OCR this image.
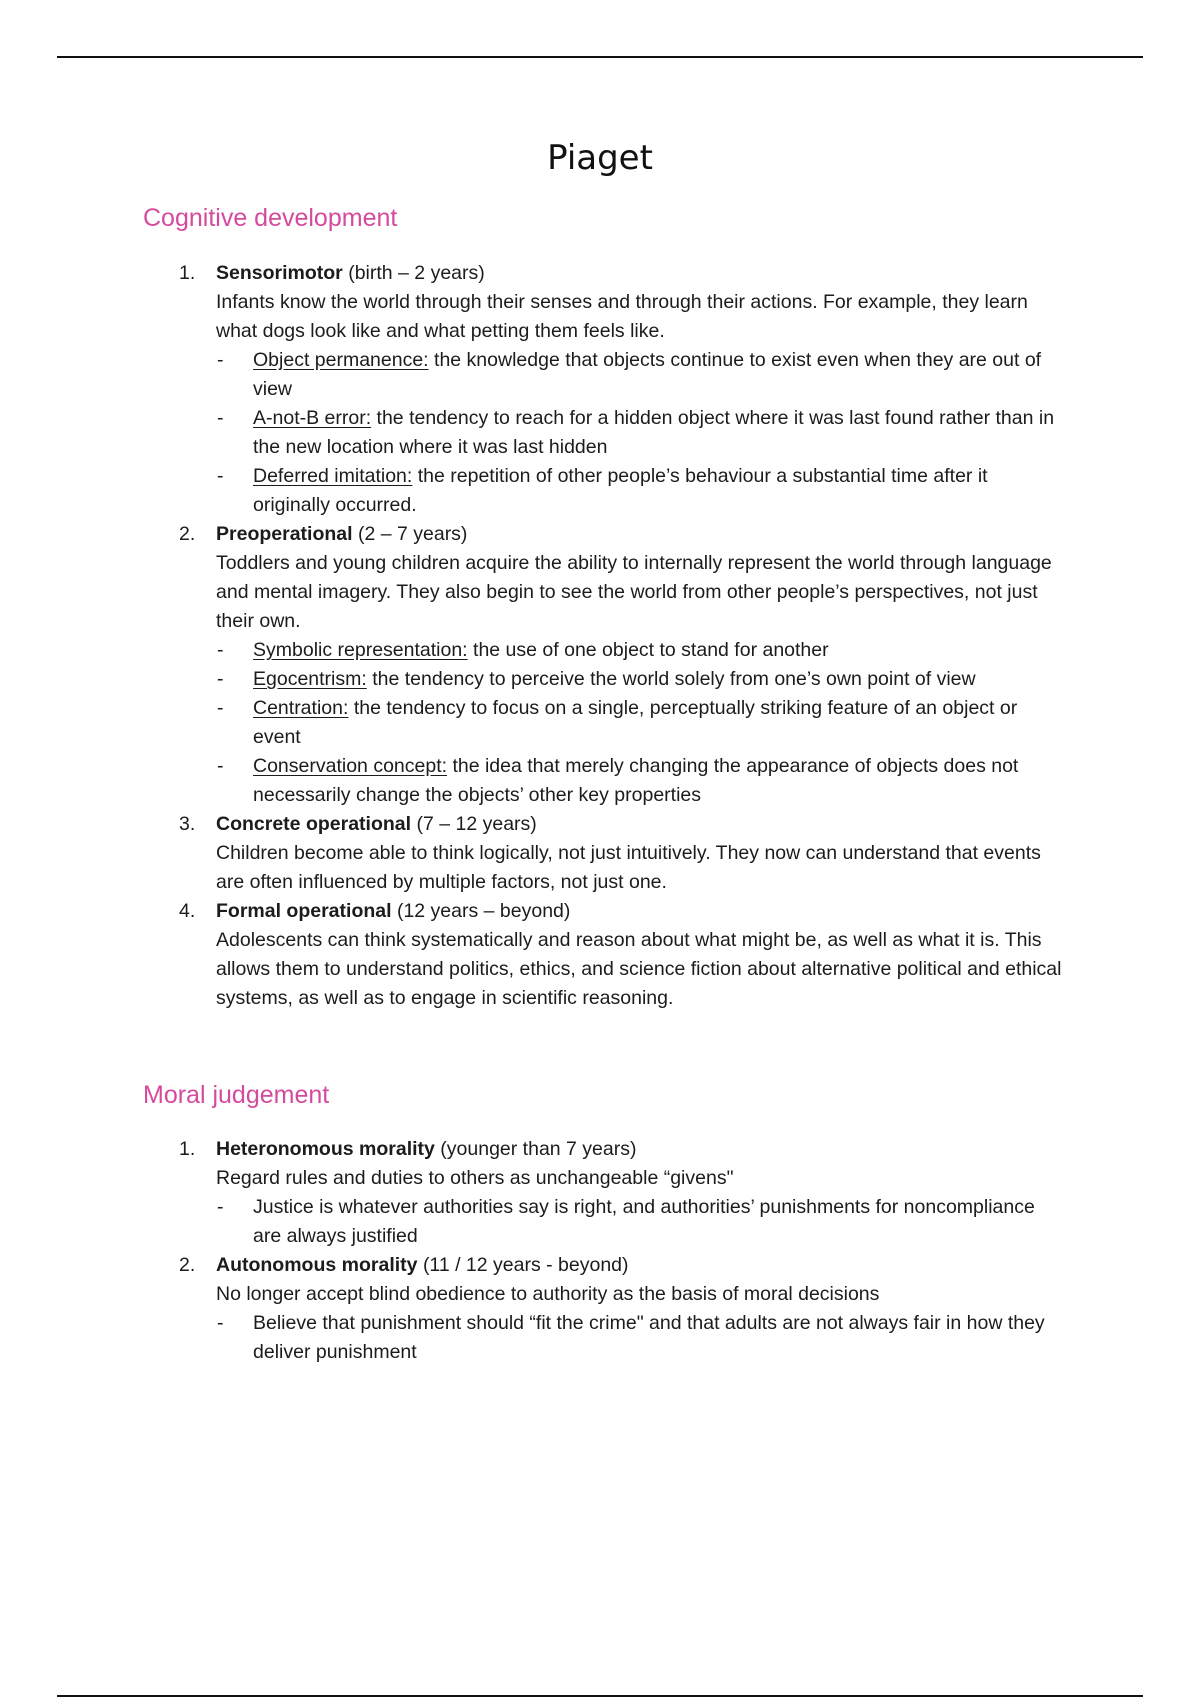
Piaget
Cognitive development
1. Sensorimotor (birth – 2 years)

Infants know the world through their senses and through their actions. For example, they learn what dogs look like and what petting them feels like.

- Object permanence: the knowledge that objects continue to exist even when they are out of view
- A-not-B error: the tendency to reach for a hidden object where it was last found rather than in the new location where it was last hidden
- Deferred imitation: the repetition of other people’s behaviour a substantial time after it originally occurred.
2. Preoperational (2 – 7 years)

Toddlers and young children acquire the ability to internally represent the world through language and mental imagery. They also begin to see the world from other people’s perspectives, not just their own.

- Symbolic representation: the use of one object to stand for another
- Egocentrism: the tendency to perceive the world solely from one’s own point of view
- Centration: the tendency to focus on a single, perceptually striking feature of an object or event
- Conservation concept: the idea that merely changing the appearance of objects does not necessarily change the objects’ other key properties
3. Concrete operational (7 – 12 years)

Children become able to think logically, not just intuitively. They now can understand that events are often influenced by multiple factors, not just one.

4. Formal operational (12 years – beyond)

Adolescents can think systematically and reason about what might be, as well as what it is. This allows them to understand politics, ethics, and science fiction about alternative political and ethical systems, as well as to engage in scientific reasoning.

Moral judgement
1. Heteronomous morality (younger than 7 years)

Regard rules and duties to others as unchangeable “givens"

- Justice is whatever authorities say is right, and authorities’ punishments for noncompliance are always justified
2. Autonomous morality (11 / 12 years - beyond)

No longer accept blind obedience to authority as the basis of moral decisions

- Believe that punishment should “fit the crime" and that adults are not always fair in how they deliver punishment
